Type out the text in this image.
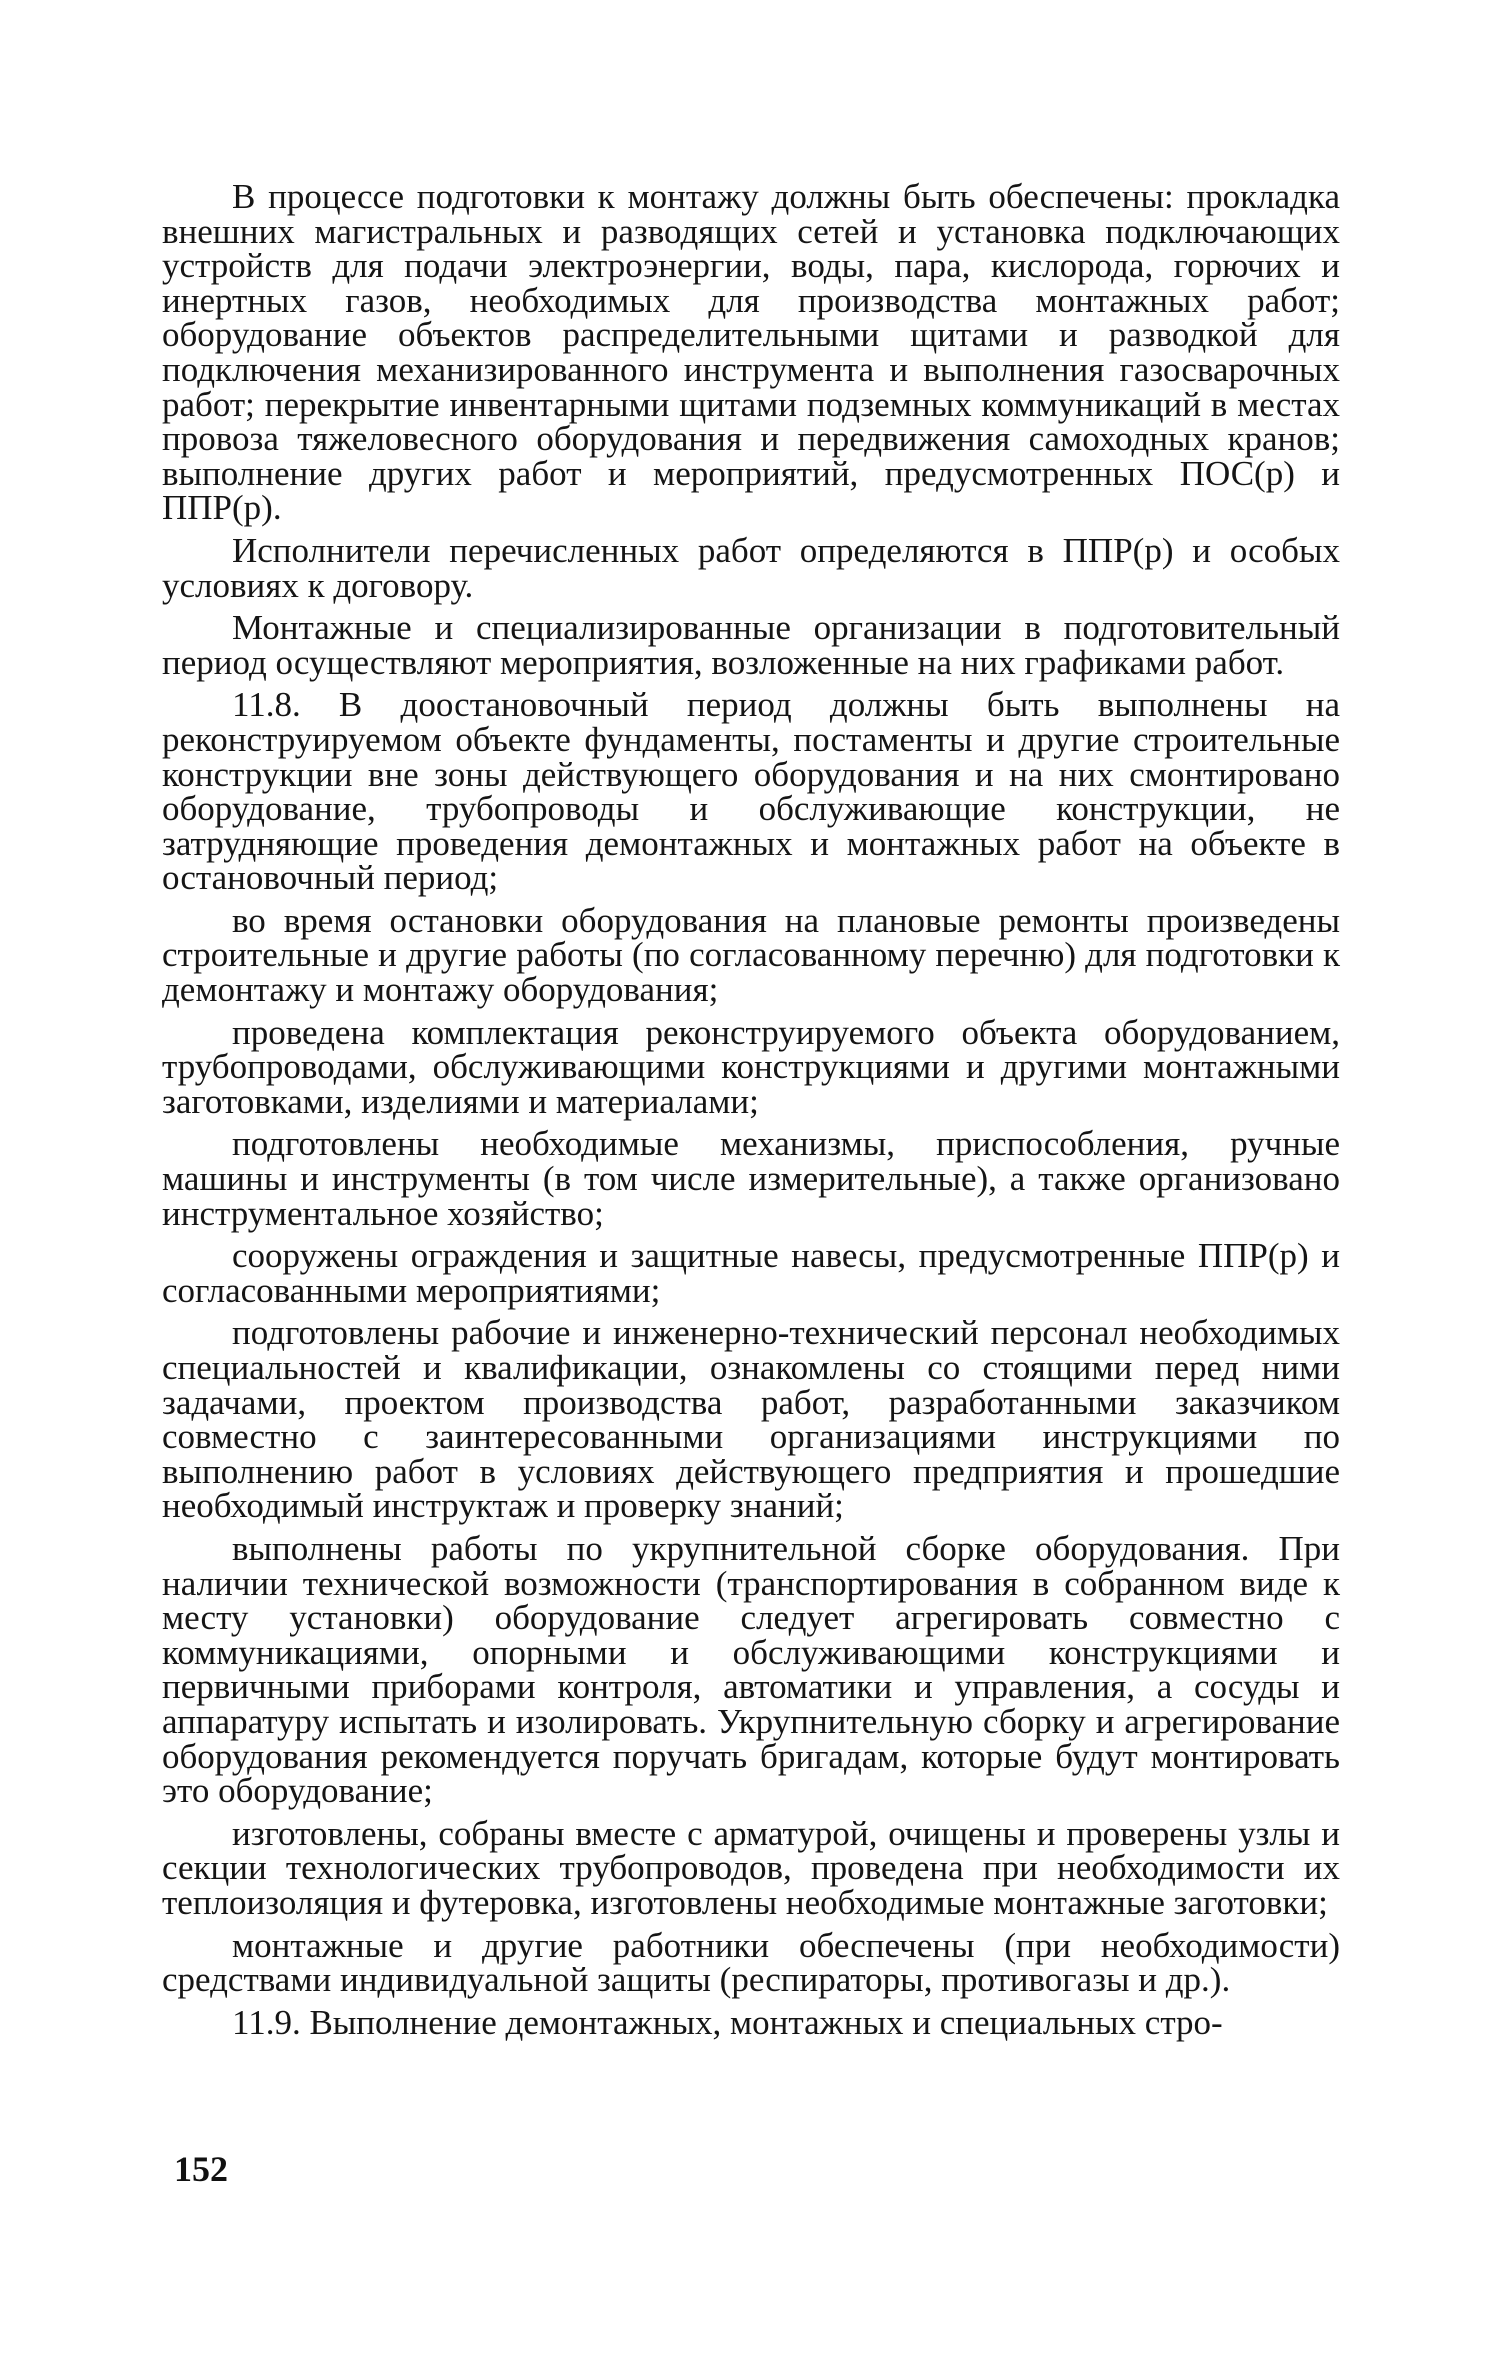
В процессе подготовки к монтажу должны быть обеспечены: прокладка внешних магистральных и разводящих сетей и установка подключающих устройств для подачи электроэнергии, воды, пара, кислорода, горючих и инертных газов, необходимых для производства монтажных работ; оборудование объектов распределительными щитами и разводкой для подключения механизированного инструмента и выполнения газосварочных работ; перекрытие инвентарными щитами подземных коммуникаций в местах провоза тяжеловесного оборудования и передвижения самоходных кранов; выполнение других работ и мероприятий, предусмотренных ПОС(р) и ППР(р).

Исполнители перечисленных работ определяются в ППР(р) и особых условиях к договору.

Монтажные и специализированные организации в подготовительный период осуществляют мероприятия, возложенные на них графиками работ.

11.8. В доостановочный период должны быть выполнены на реконструируемом объекте фундаменты, постаменты и другие строительные конструкции вне зоны действующего оборудования и на них смонтировано оборудование, трубопроводы и обслуживающие конструкции, не затрудняющие проведения демонтажных и монтажных работ на объекте в остановочный период;

во время остановки оборудования на плановые ремонты произведены строительные и другие работы (по согласованному перечню) для подготовки к демонтажу и монтажу оборудования;

проведена комплектация реконструируемого объекта оборудованием, трубопроводами, обслуживающими конструкциями и другими монтажными заготовками, изделиями и материалами;

подготовлены необходимые механизмы, приспособления, ручные машины и инструменты (в том числе измерительные), а также организовано инструментальное хозяйство;

сооружены ограждения и защитные навесы, предусмотренные ППР(р) и согласованными мероприятиями;

подготовлены рабочие и инженерно-технический персонал необходимых специальностей и квалификации, ознакомлены со стоящими перед ними задачами, проектом производства работ, разработанными заказчиком совместно с заинтересованными организациями инструкциями по выполнению работ в условиях действующего предприятия и прошедшие необходимый инструктаж и проверку знаний;

выполнены работы по укрупнительной сборке оборудования. При наличии технической возможности (транспортирования в собранном виде к месту установки) оборудование следует агрегировать совместно с коммуникациями, опорными и обслуживающими конструкциями и первичными приборами контроля, автоматики и управления, а сосуды и аппаратуру испытать и изолировать. Укрупнительную сборку и агрегирование оборудования рекомендуется поручать бригадам, которые будут монтировать это оборудование;

изготовлены, собраны вместе с арматурой, очищены и проверены узлы и секции технологических трубопроводов, проведена при необходимости их теплоизоляция и футеровка, изготовлены необходимые монтажные заготовки;

монтажные и другие работники обеспечены (при необходимости) средствами индивидуальной защиты (респираторы, противогазы и др.).

11.9. Выполнение демонтажных, монтажных и специальных стро-

152
